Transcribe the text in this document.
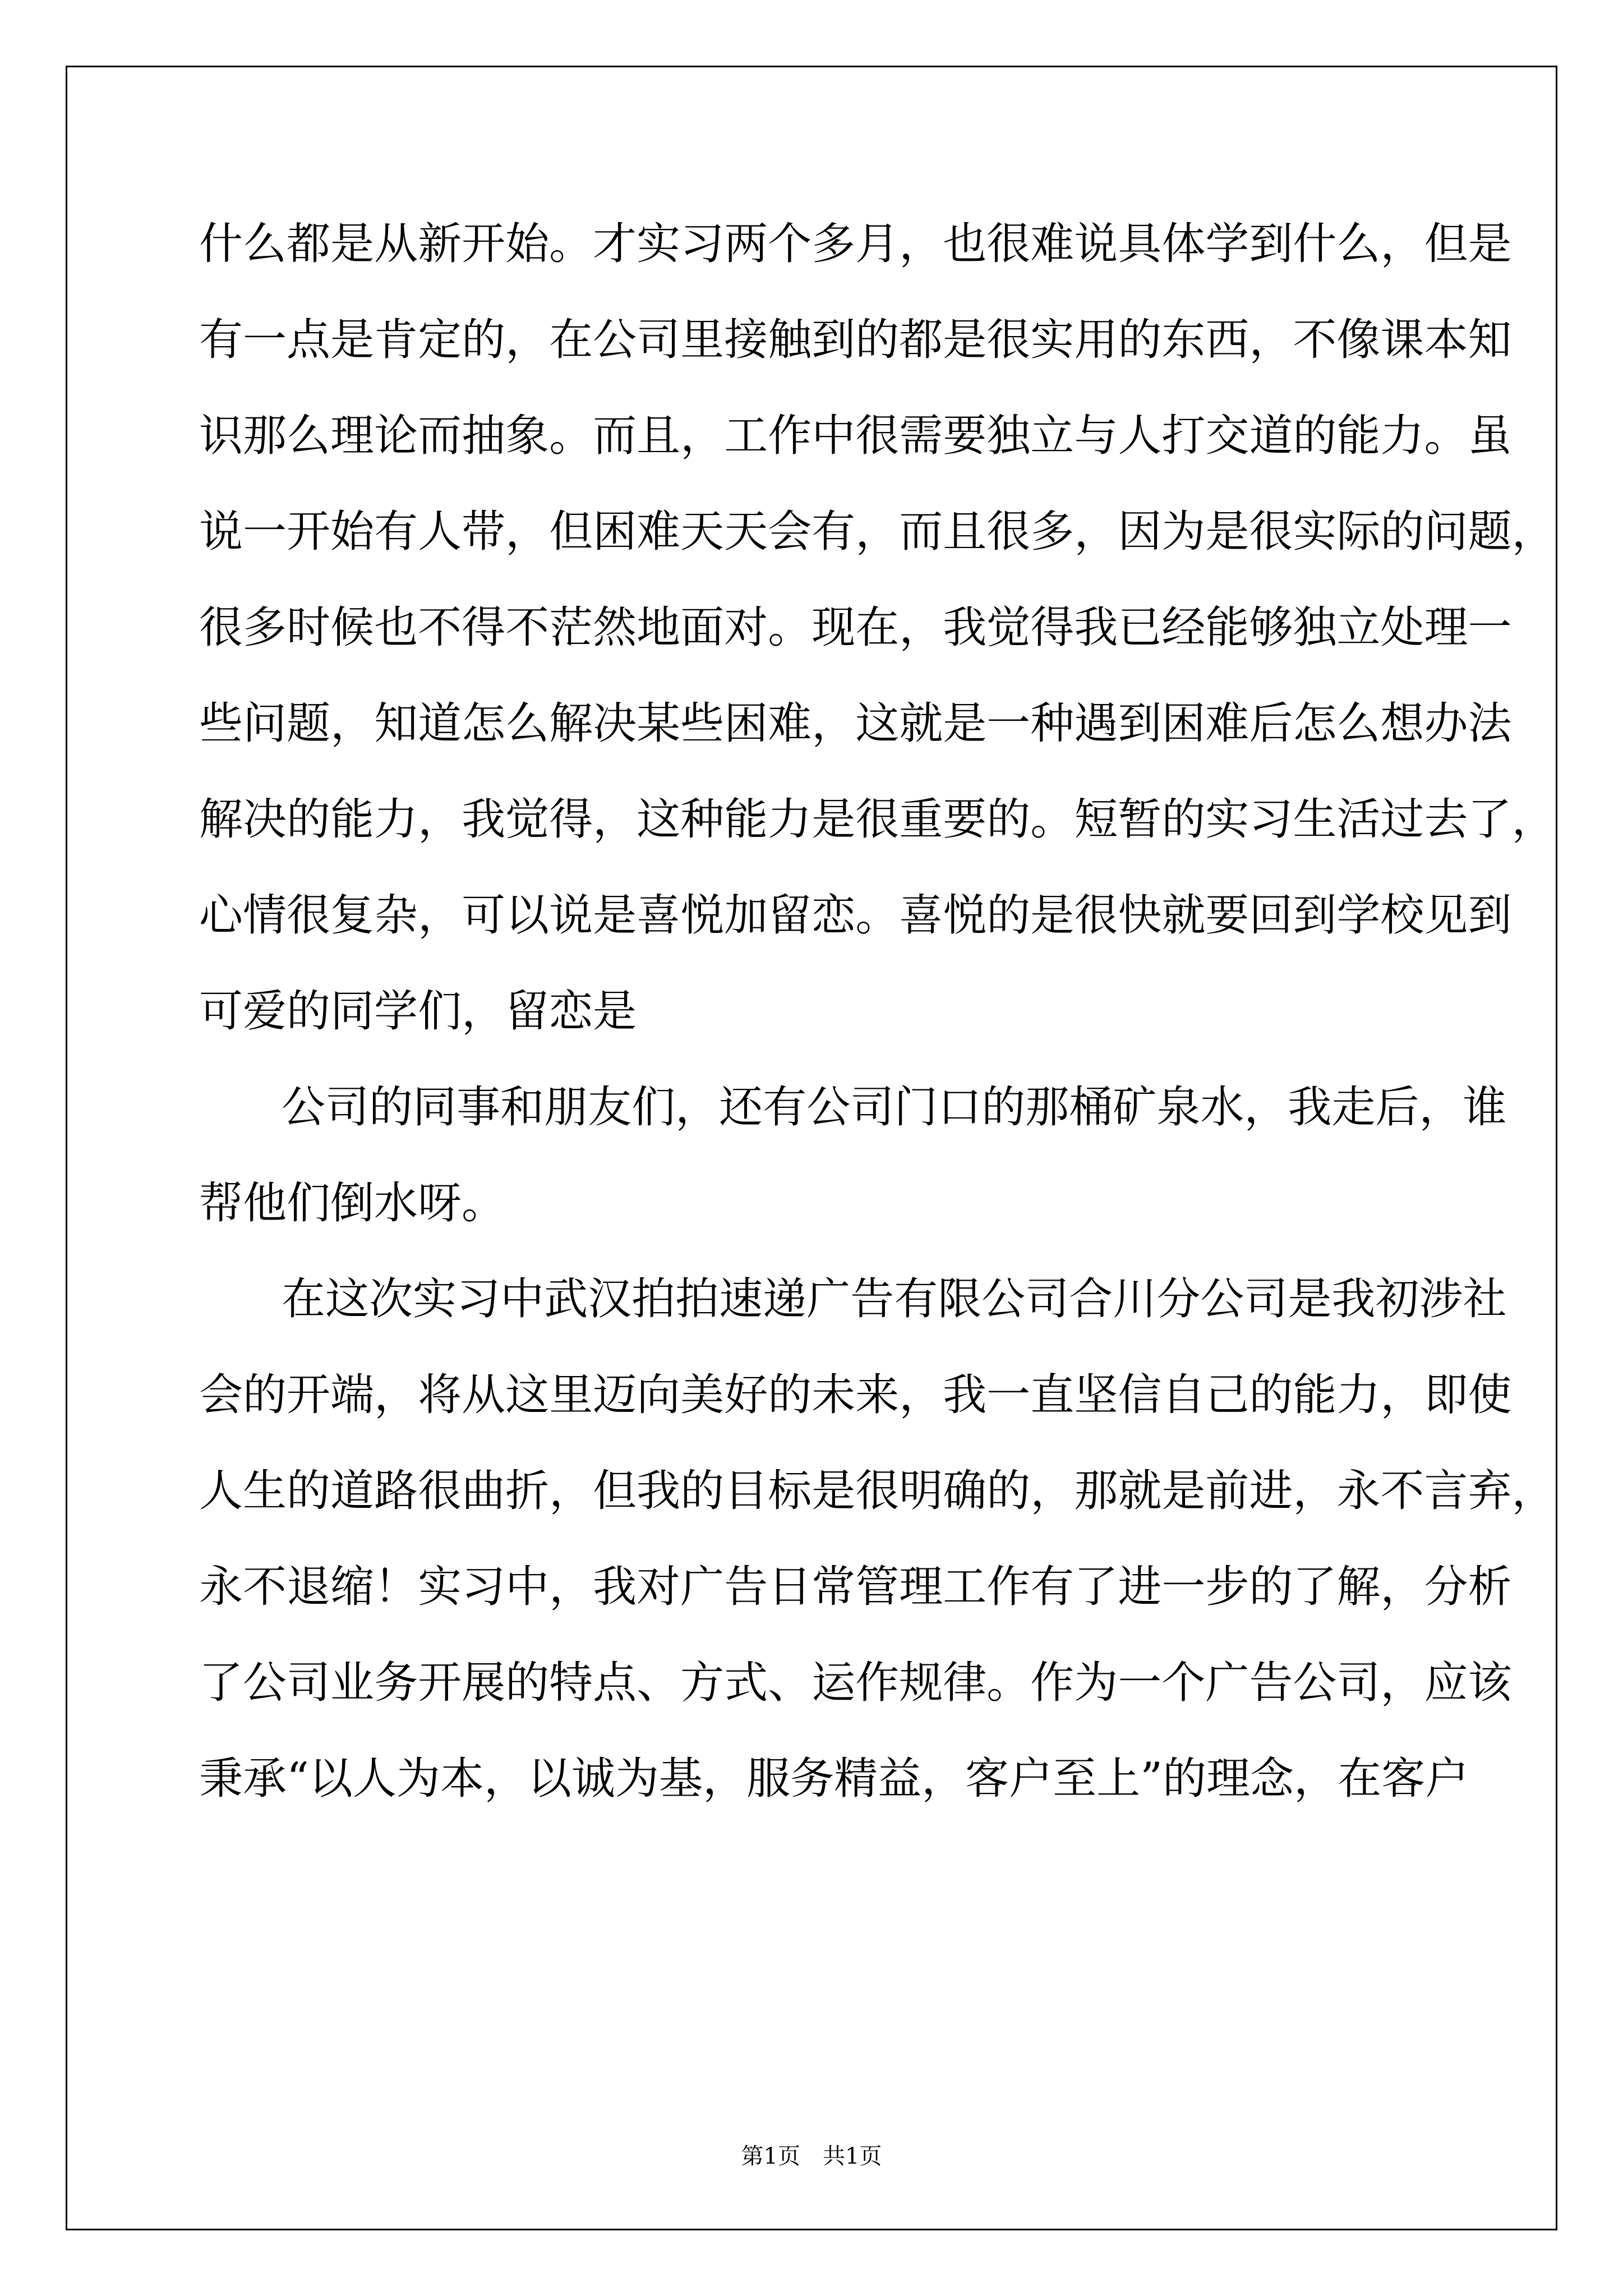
什 么 都 是 从 新 开 始 。 才 实 习 两 个 多 月 ， 也 很 难 说 具 体 学 到 什 么 ， 但 是
有 一 点 是 肯 定 的 ， 在 公 司 里 接 触 到 的 都 是 很 实 用 的 东 西 ， 不 像 课 本 知
识 那 么 理 论 而 抽 象 。 而 且 ， 工 作 中 很 需 要 独 立 与 人 打 交 道 的 能 力 。 虽
说 一 开 始 有 人 带 ， 但 困 难 天 天 会 有 ， 而 且 很 多 ， 因 为 是 很 实 际 的 问 题 ，
很 多 时 候 也 不 得 不 茫 然 地 面 对 。 现 在 ， 我 觉 得 我 已 经 能 够 独 立 处 理 一
些 问 题 ， 知 道 怎 么 解 决 某 些 困 难 ， 这 就 是 一 种 遇 到 困 难 后 怎 么 想 办 法
解 决 的 能 力 ， 我 觉 得 ， 这 种 能 力 是 很 重 要 的 。 短 暂 的 实 习 生 活 过 去 了 ，
心 情 很 复 杂 ， 可 以 说 是 喜 悦 加 留 恋 。 喜 悦 的 是 很 快 就 要 回 到 学 校 见 到
可爱的同学们，留恋是
公 司 的 同 事 和 朋 友 们 ， 还 有 公 司 门 口 的 那 桶 矿 泉 水 ， 我 走 后 ， 谁
帮他们倒水呀。
在 这 次 实 习 中 武 汉 拍 拍 速 递 广 告 有 限 公 司 合 川 分 公 司 是 我 初 涉 社
会 的 开 端 ， 将 从 这 里 迈 向 美 好 的 未 来 ， 我 一 直 坚 信 自 己 的 能 力 ， 即 使
人 生 的 道 路 很 曲 折 ， 但 我 的 目 标 是 很 明 确 的 ， 那 就 是 前 进 ， 永 不 言 弃 ，
永 不 退 缩 ！ 实 习 中 ， 我 对 广 告 日 常 管 理 工 作 有 了 进 一 步 的 了 解 ， 分 析
了 公 司 业 务 开 展 的 特 点 、 方 式 、 运 作 规 律 。 作 为 一 个 广 告 公 司 ， 应 该
秉 承 “ 以 人 为 本 ， 以 诚 为 基 ， 服 务 精 益 ， 客 户 至 上 ” 的 理 念 ， 在 客 户
第1页　共1页
